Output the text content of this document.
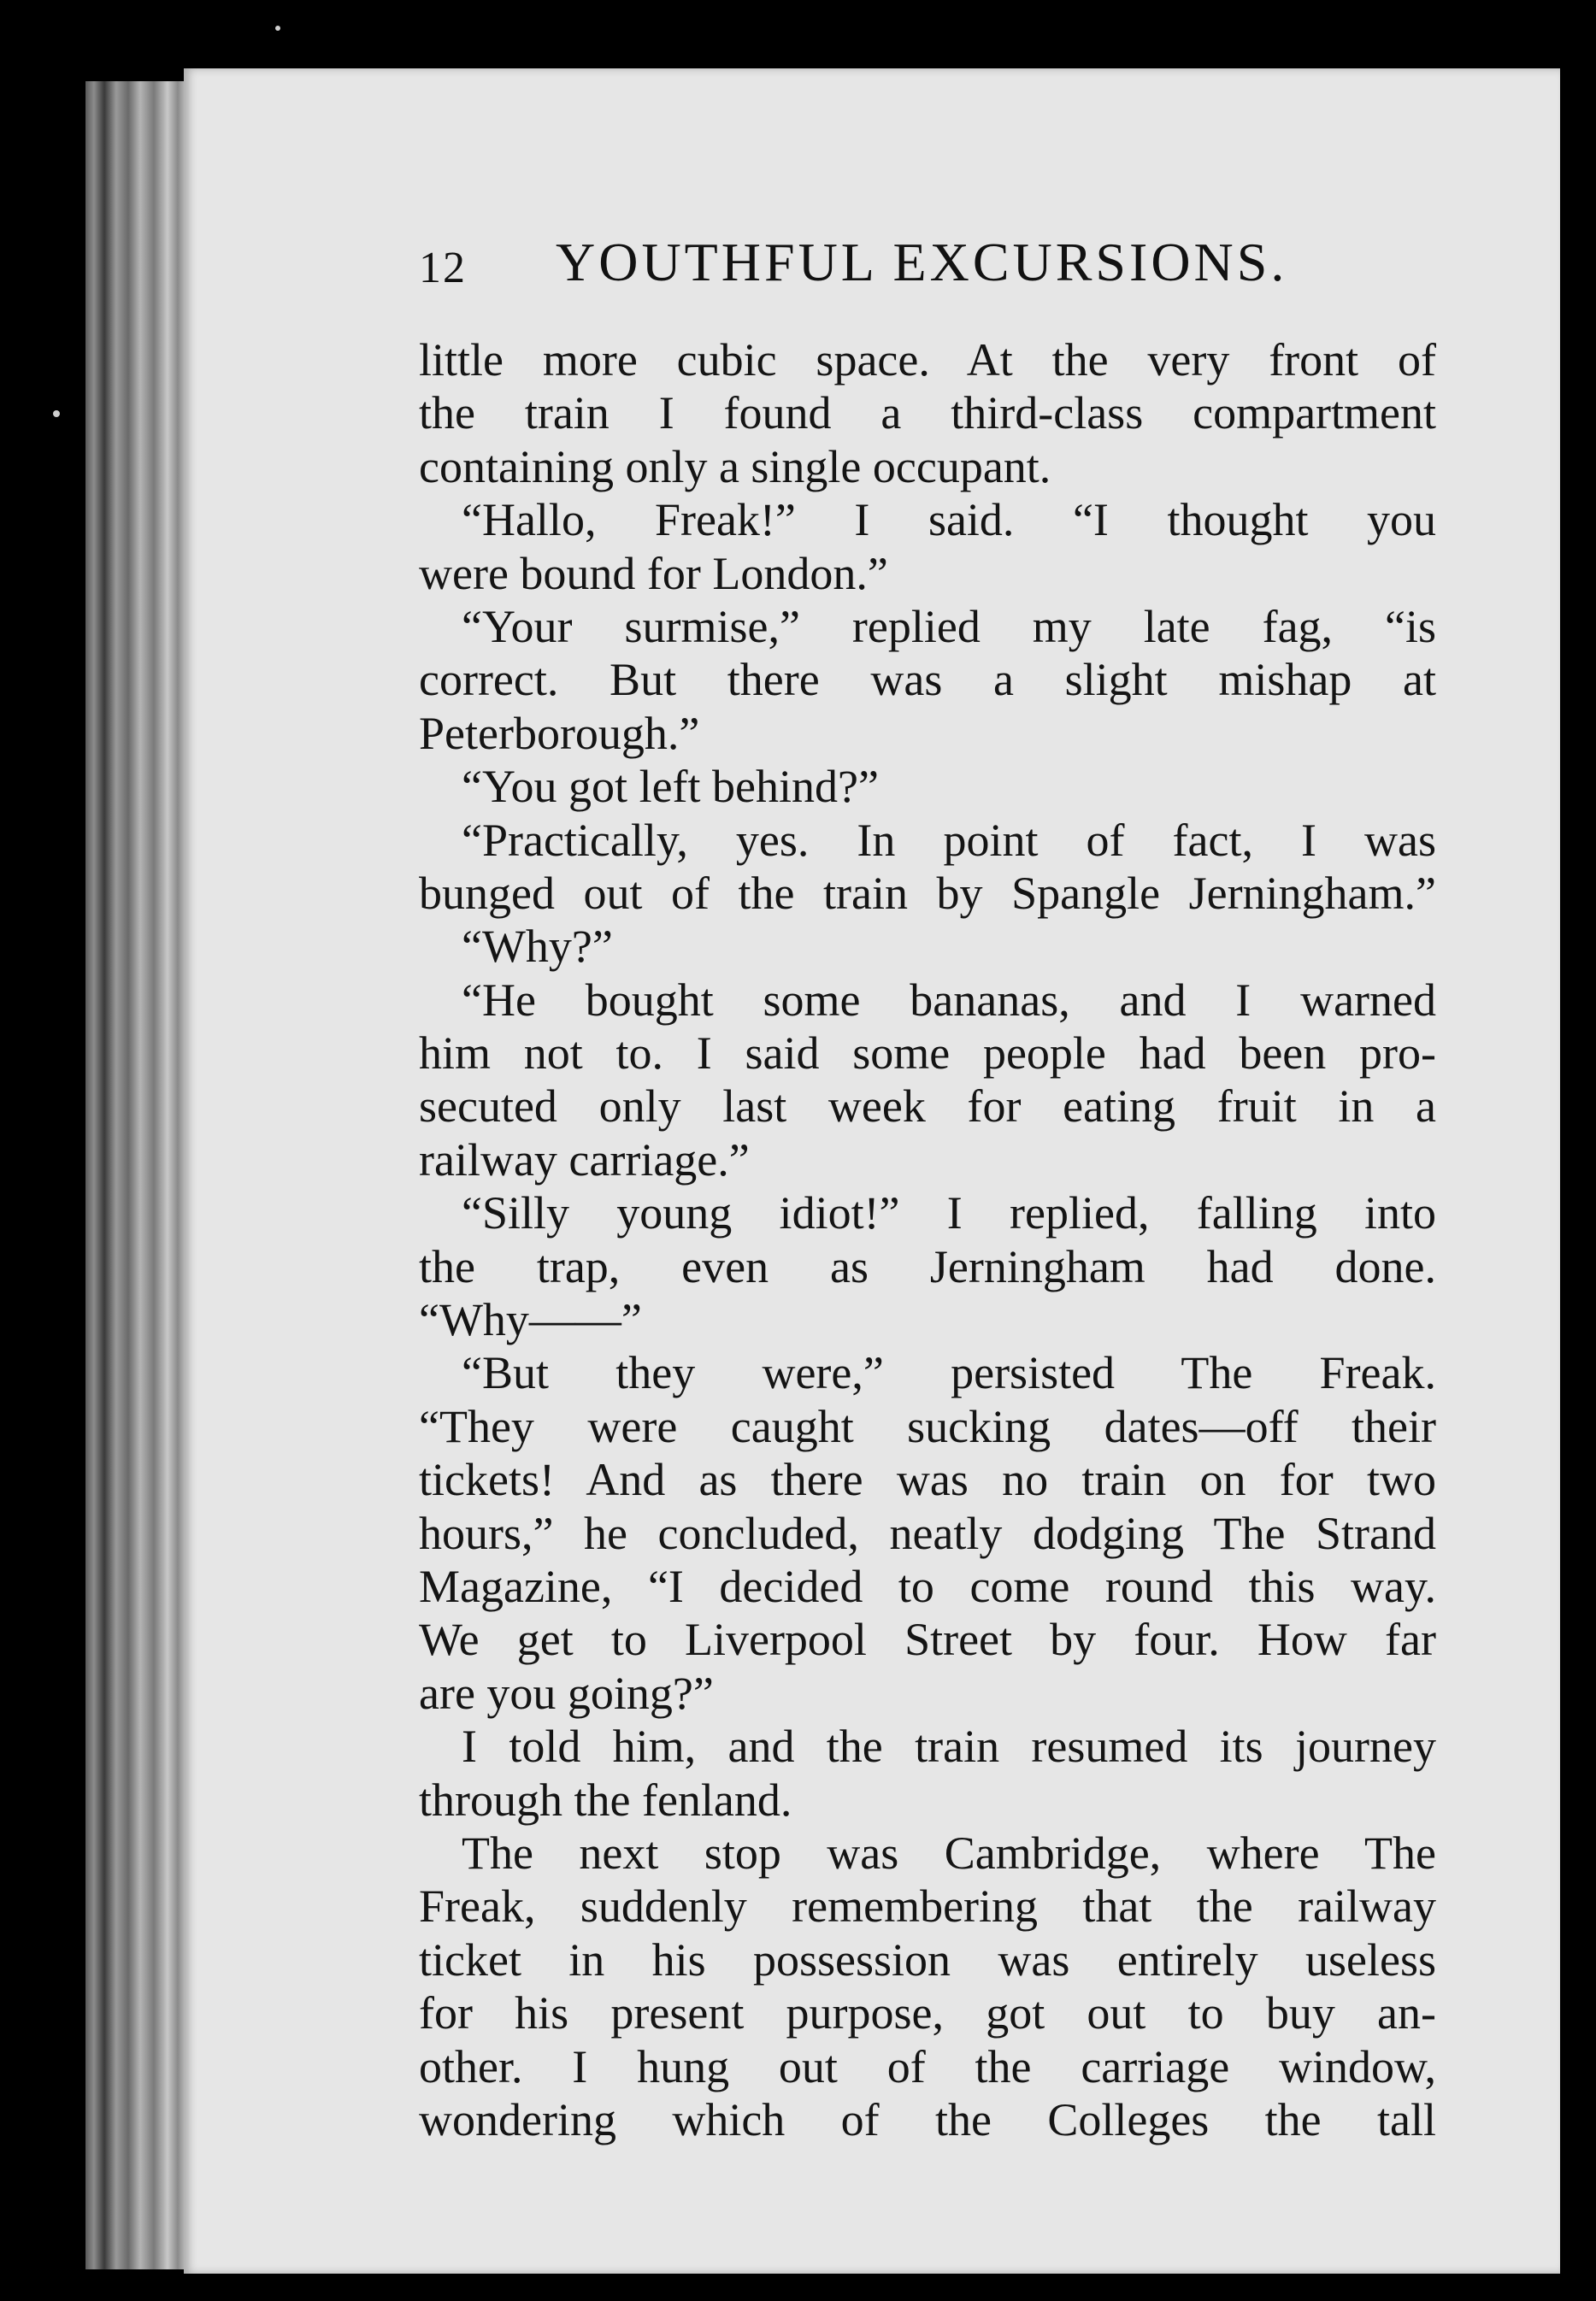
12 YOUTHFUL EXCURSIONS.
little more cubic space. At the very front of
the train I found a third-class compartment
containing only a single occupant.
“Hallo, Freak!” I said. “I thought you
were bound for London.”
“Your surmise,” replied my late fag, “is
correct. But there was a slight mishap at
Peterborough.”
“You got left behind?”
“Practically, yes. In point of fact, I was
bunged out of the train by Spangle Jerningham.”
“Why?”
“He bought some bananas, and I warned
him not to. I said some people had been pro-
secuted only last week for eating fruit in a
railway carriage.”
“Silly young idiot!” I replied, falling into
the trap, even as Jerningham had done.
“Why——”
“But they were,” persisted The Freak.
“They were caught sucking dates—off their
tickets! And as there was no train on for two
hours,” he concluded, neatly dodging The Strand
Magazine, “I decided to come round this way.
We get to Liverpool Street by four. How far
are you going?”
I told him, and the train resumed its journey
through the fenland.
The next stop was Cambridge, where The
Freak, suddenly remembering that the railway
ticket in his possession was entirely useless
for his present purpose, got out to buy an-
other. I hung out of the carriage window,
wondering which of the Colleges the tall
